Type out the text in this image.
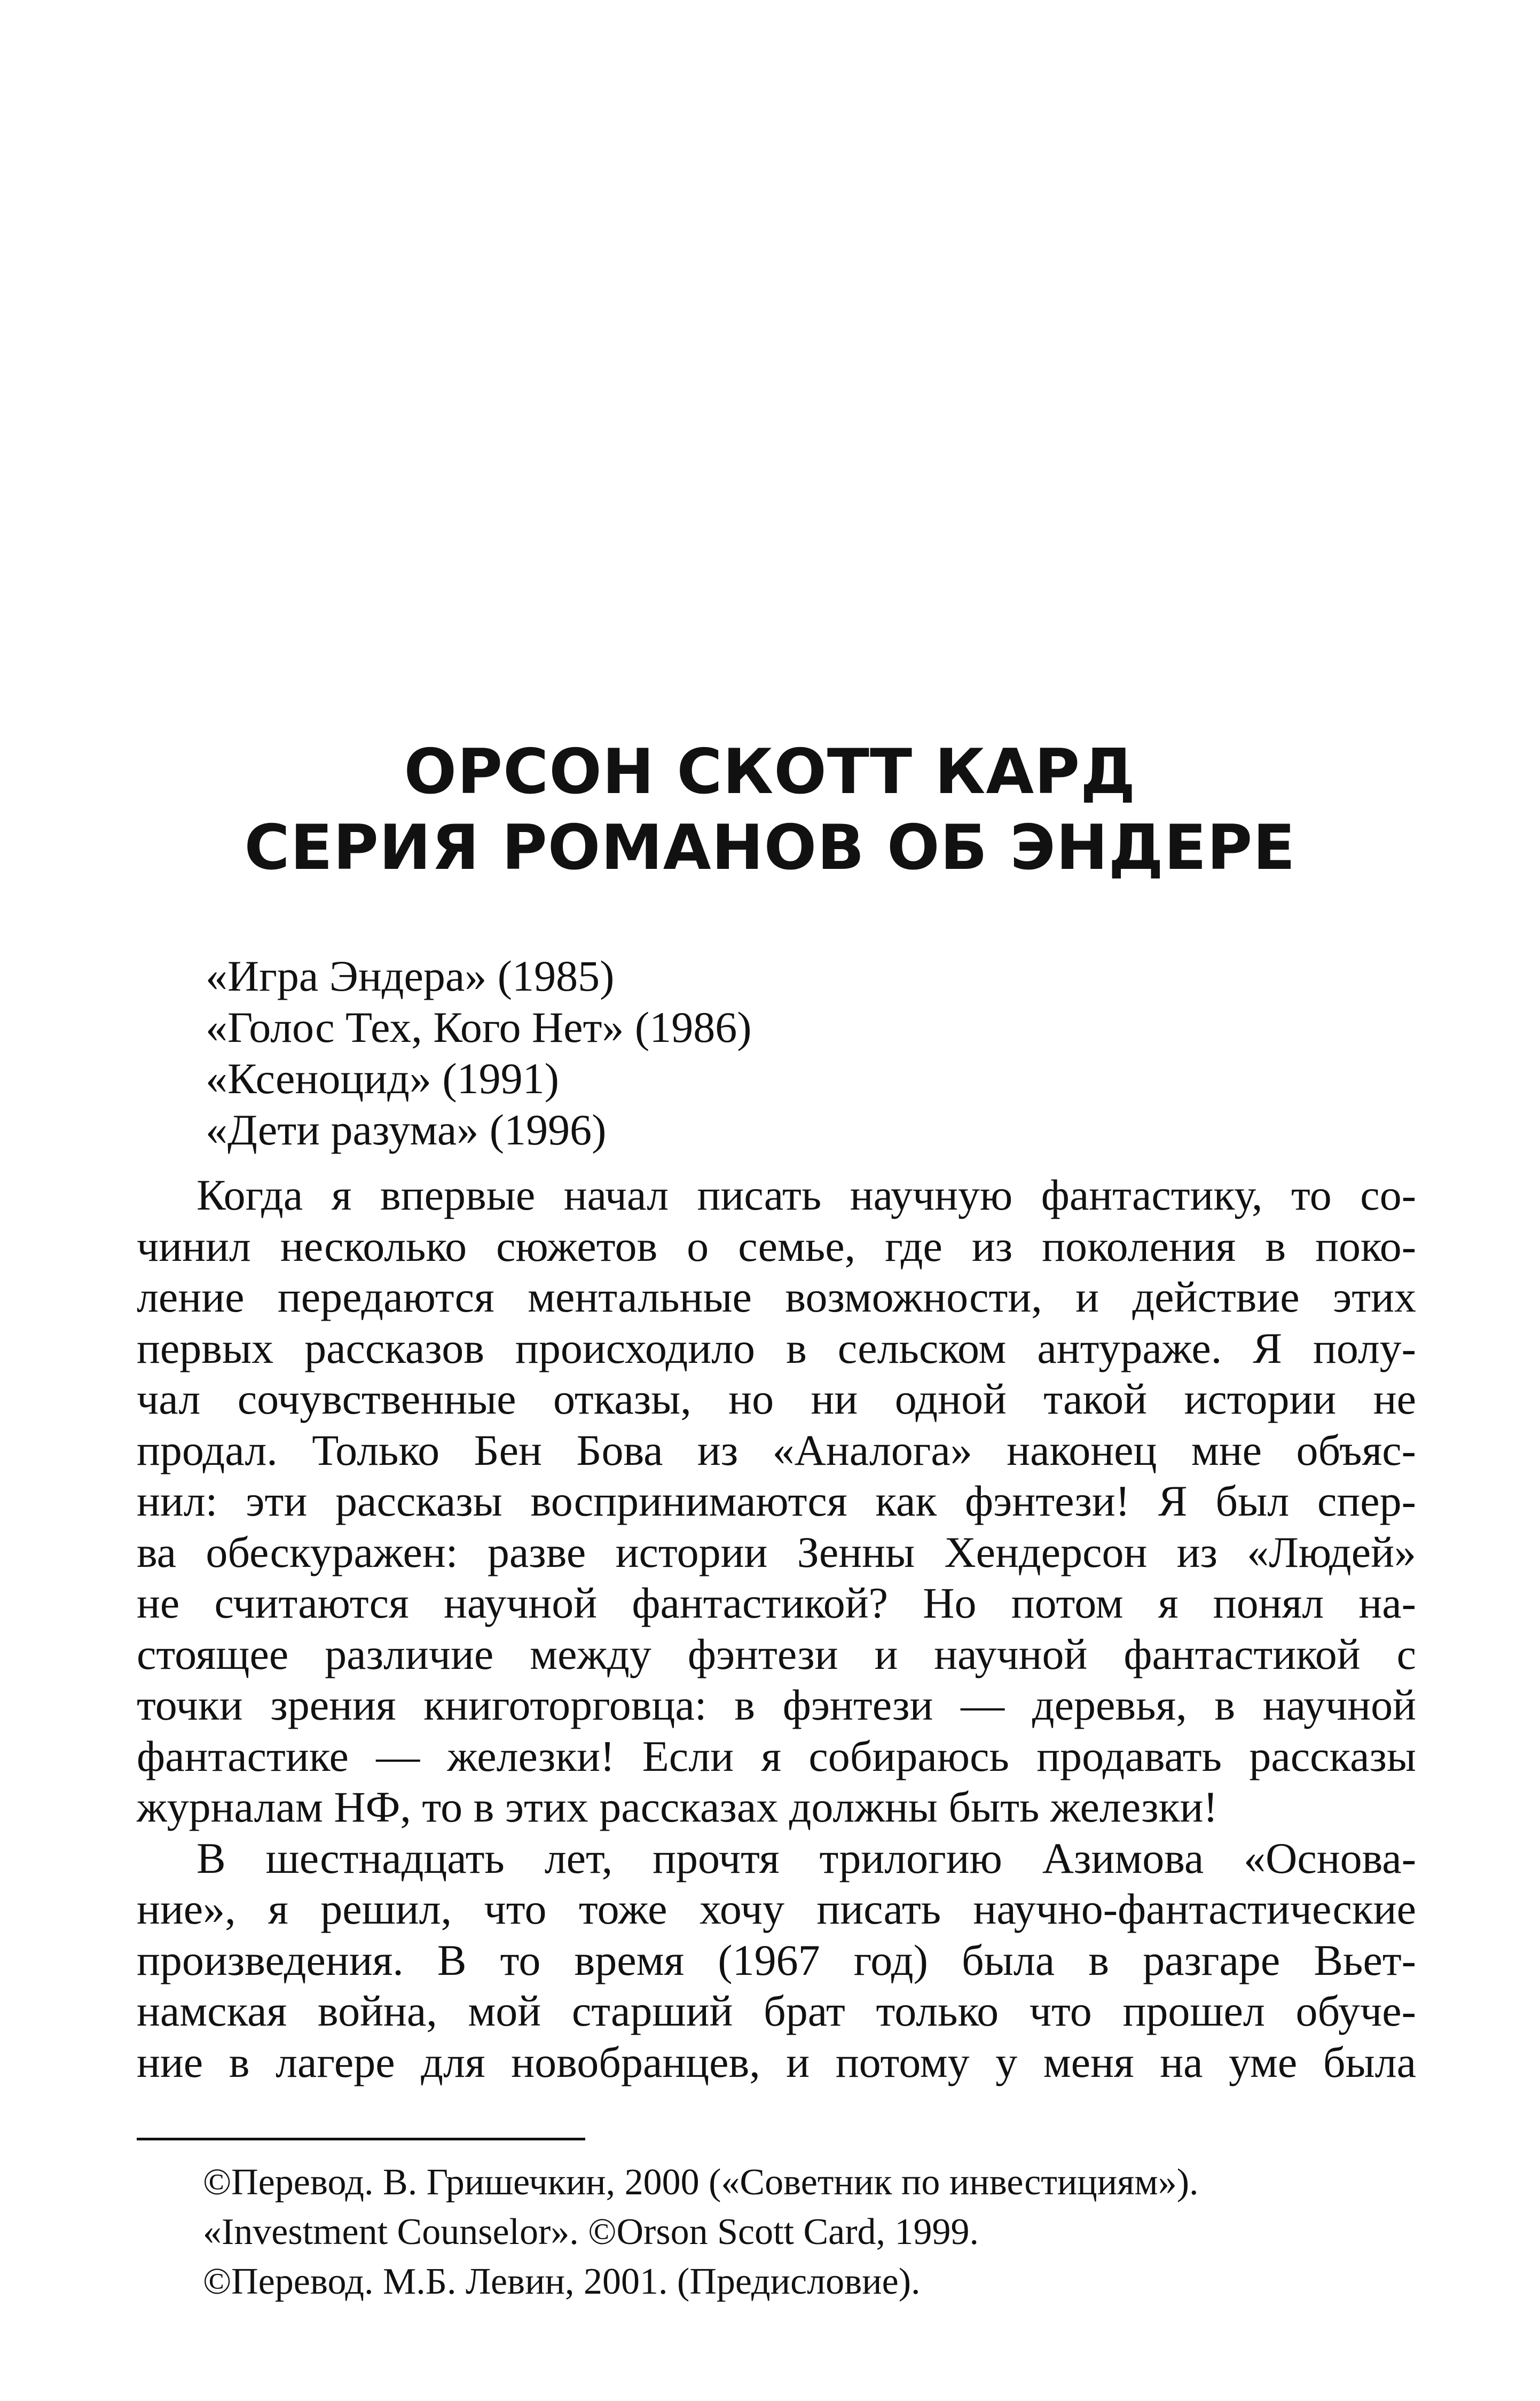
ОРСОН СКОТТ КАРД
СЕРИЯ РОМАНОВ ОБ ЭНДЕРЕ
«Игра Эндера» (1985)
«Голос Тех, Кого Нет» (1986)
«Ксеноцид» (1991)
«Дети разума» (1996)
Когда я впервые начал писать научную фантастику, то со-
чинил несколько сюжетов о семье, где из поколения в поко-
ление передаются ментальные возможности, и действие этих
первых рассказов происходило в сельском антураже. Я полу-
чал сочувственные отказы, но ни одной такой истории не
продал. Только Бен Бова из «Аналога» наконец мне объяс-
нил: эти рассказы воспринимаются как фэнтези! Я был спер-
ва обескуражен: разве истории Зенны Хендерсон из «Людей»
не считаются научной фантастикой? Но потом я понял на-
стоящее различие между фэнтези и научной фантастикой с
точки зрения книготорговца: в фэнтези — деревья, в научной
фантастике — железки! Если я собираюсь продавать рассказы
журналам НФ, то в этих рассказах должны быть железки!
В шестнадцать лет, прочтя трилогию Азимова «Основа-
ние», я решил, что тоже хочу писать научно-фантастические
произведения. В то время (1967 год) была в разгаре Вьет-
намская война, мой старший брат только что прошел обуче-
ние в лагере для новобранцев, и потому у меня на уме была
©Перевод. В. Гришечкин, 2000 («Советник по инвестициям»).
«Investment Counselor». ©Orson Scott Card, 1999.
©Перевод. М.Б. Левин, 2001. (Предисловие).
